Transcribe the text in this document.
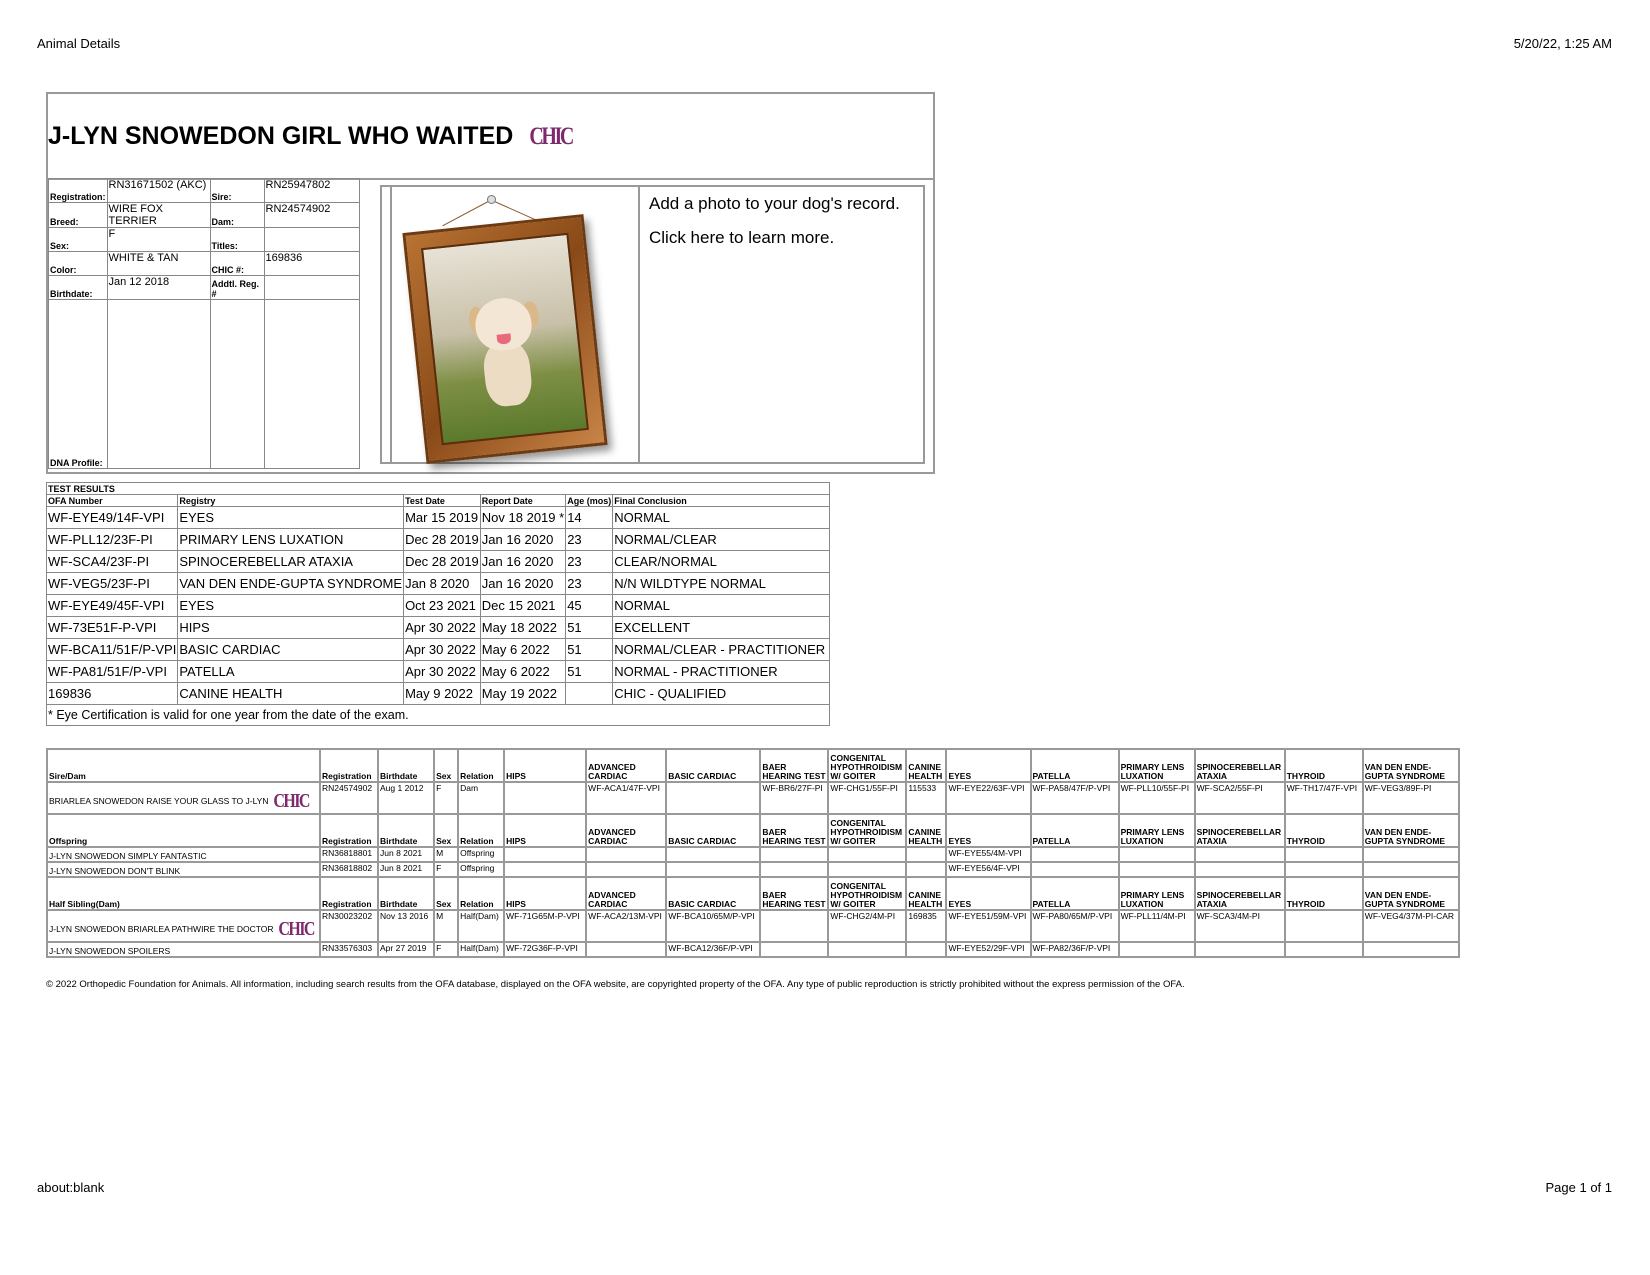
Animal Details	5/20/22, 1:25 AM
J-LYN SNOWEDON GIRL WHO WAITED CHIC
Registration:	RN31671502 (AKC)	Sire:	RN25947802
Breed:	WIRE FOX TERRIER	Dam:	RN24574902
Sex:	F	Titles:	
Color:	WHITE & TAN	CHIC #:	169836
Birthdate:	Jan 12 2018	Addtl. Reg. #	
DNA Profile:			
Add a photo to your dog's record.
Click here to learn more.
TEST RESULTS					
OFA Number	Registry	Test Date	Report Date	Age (mos)	Final Conclusion
WF-EYE49/14F-VPI	EYES	Mar 15 2019	Nov 18 2019 *	14	NORMAL
WF-PLL12/23F-PI	PRIMARY LENS LUXATION	Dec 28 2019	Jan 16 2020	23	NORMAL/CLEAR
WF-SCA4/23F-PI	SPINOCEREBELLAR ATAXIA	Dec 28 2019	Jan 16 2020	23	CLEAR/NORMAL
WF-VEG5/23F-PI	VAN DEN ENDE-GUPTA SYNDROME	Jan 8 2020	Jan 16 2020	23	N/N WILDTYPE NORMAL
WF-EYE49/45F-VPI	EYES	Oct 23 2021	Dec 15 2021	45	NORMAL
WF-73E51F-P-VPI	HIPS	Apr 30 2022	May 18 2022	51	EXCELLENT
WF-BCA11/51F/P-VPI	BASIC CARDIAC	Apr 30 2022	May 6 2022	51	NORMAL/CLEAR - PRACTITIONER
WF-PA81/51F/P-VPI	PATELLA	Apr 30 2022	May 6 2022	51	NORMAL - PRACTITIONER
169836	CANINE HEALTH	May 9 2022	May 19 2022		CHIC - QUALIFIED
* Eye Certification is valid for one year from the date of the exam.					
Sire/Dam	Registration	Birthdate	Sex	Relation	HIPS	ADVANCED CARDIAC	BASIC CARDIAC	BAER HEARING TEST	CONGENITAL HYPOTHROIDISM W/ GOITER	CANINE HEALTH	EYES	PATELLA	PRIMARY LENS LUXATION	SPINOCEREBELLAR ATAXIA	THYROID	VAN DEN ENDE-GUPTA SYNDROME
BRIARLEA SNOWEDON RAISE YOUR GLASS TO J-LYN CHIC	RN24574902	Aug 1 2012	F	Dam		WF-ACA1/47F-VPI		WF-BR6/27F-PI	WF-CHG1/55F-PI	115533	WF-EYE22/63F-VPI	WF-PA58/47F/P-VPI	WF-PLL10/55F-PI	WF-SCA2/55F-PI	WF-TH17/47F-VPI	WF-VEG3/89F-PI
Offspring	Registration	Birthdate	Sex	Relation	HIPS	ADVANCED CARDIAC	BASIC CARDIAC	BAER HEARING TEST	CONGENITAL HYPOTHROIDISM W/ GOITER	CANINE HEALTH	EYES	PATELLA	PRIMARY LENS LUXATION	SPINOCEREBELLAR ATAXIA	THYROID	VAN DEN ENDE-GUPTA SYNDROME
J-LYN SNOWEDON SIMPLY FANTASTIC	RN36818801	Jun 8 2021	M	Offspring							WF-EYE55/4M-VPI					
J-LYN SNOWEDON DON'T BLINK	RN36818802	Jun 8 2021	F	Offspring							WF-EYE56/4F-VPI					
Half Sibling(Dam)	Registration	Birthdate	Sex	Relation	HIPS	ADVANCED CARDIAC	BASIC CARDIAC	BAER HEARING TEST	CONGENITAL HYPOTHROIDISM W/ GOITER	CANINE HEALTH	EYES	PATELLA	PRIMARY LENS LUXATION	SPINOCEREBELLAR ATAXIA	THYROID	VAN DEN ENDE-GUPTA SYNDROME
J-LYN SNOWEDON BRIARLEA PATHWIRE THE DOCTOR CHIC	RN30023202	Nov 13 2016	M	Half(Dam)	WF-71G65M-P-VPI	WF-ACA2/13M-VPI	WF-BCA10/65M/P-VPI		WF-CHG2/4M-PI	169835	WF-EYE51/59M-VPI	WF-PA80/65M/P-VPI	WF-PLL11/4M-PI	WF-SCA3/4M-PI		WF-VEG4/37M-PI-CAR
J-LYN SNOWEDON SPOILERS	RN33576303	Apr 27 2019	F	Half(Dam)	WF-72G36F-P-VPI		WF-BCA12/36F/P-VPI				WF-EYE52/29F-VPI	WF-PA82/36F/P-VPI				
© 2022 Orthopedic Foundation for Animals. All information, including search results from the OFA database, displayed on the OFA website, are copyrighted property of the OFA. Any type of public reproduction is strictly prohibited without the express permission of the OFA.
about:blank	Page 1 of 1
